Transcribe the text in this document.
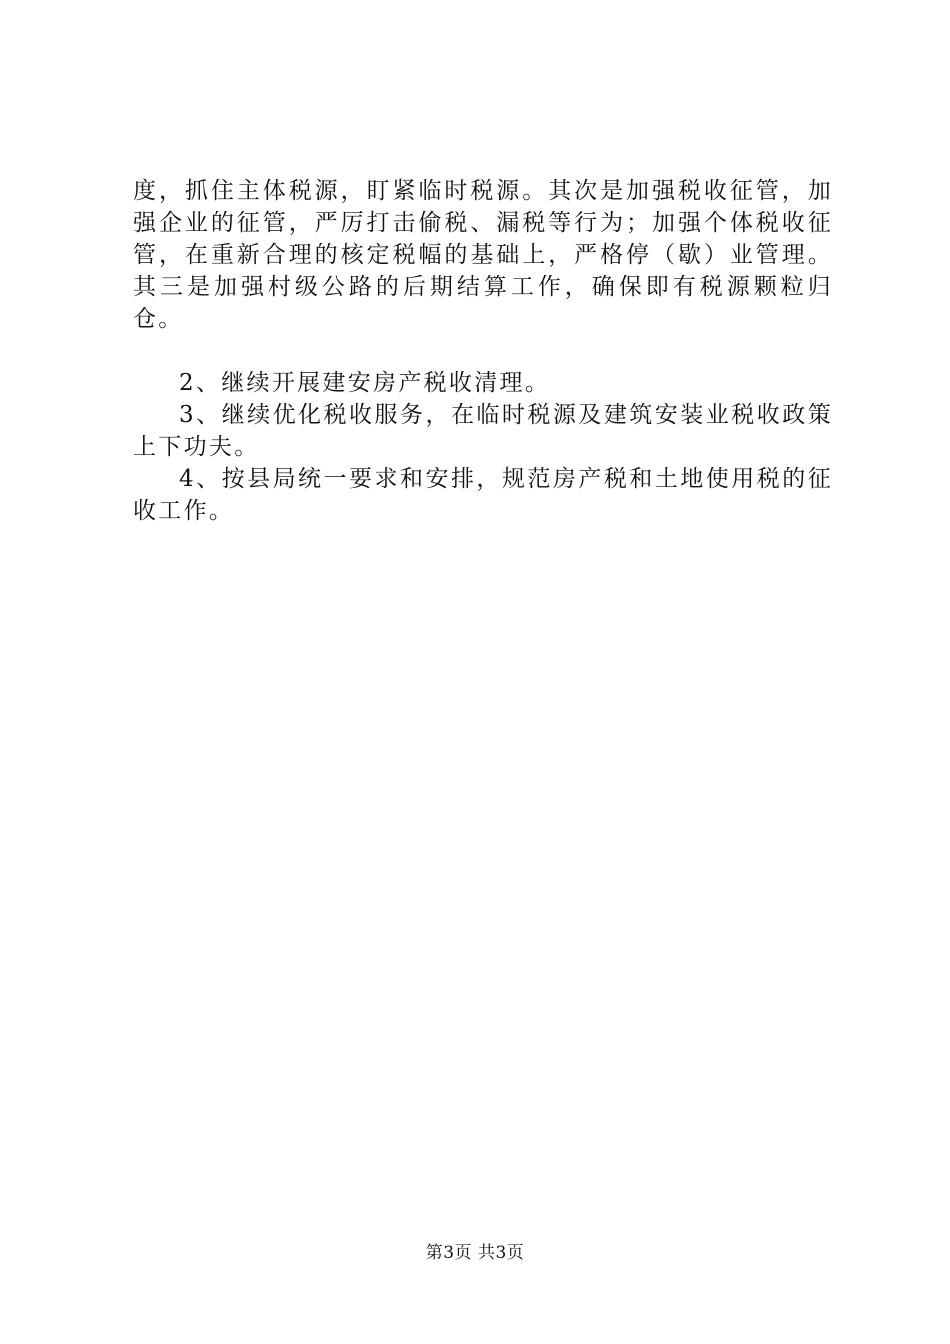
度，抓住主体税源，盯紧临时税源。其次是加强税收征管，加强企业的征管，严厉打击偷税、漏税等行为；加强个体税收征管，在重新合理的核定税幅的基础上，严格停（歇）业管理。其三是加强村级公路的后期结算工作，确保即有税源颗粒归仓。

2、继续开展建安房产税收清理。

3、继续优化税收服务，在临时税源及建筑安装业税收政策上下功夫。

4、按县局统一要求和安排，规范房产税和土地使用税的征收工作。

第3页 共3页
